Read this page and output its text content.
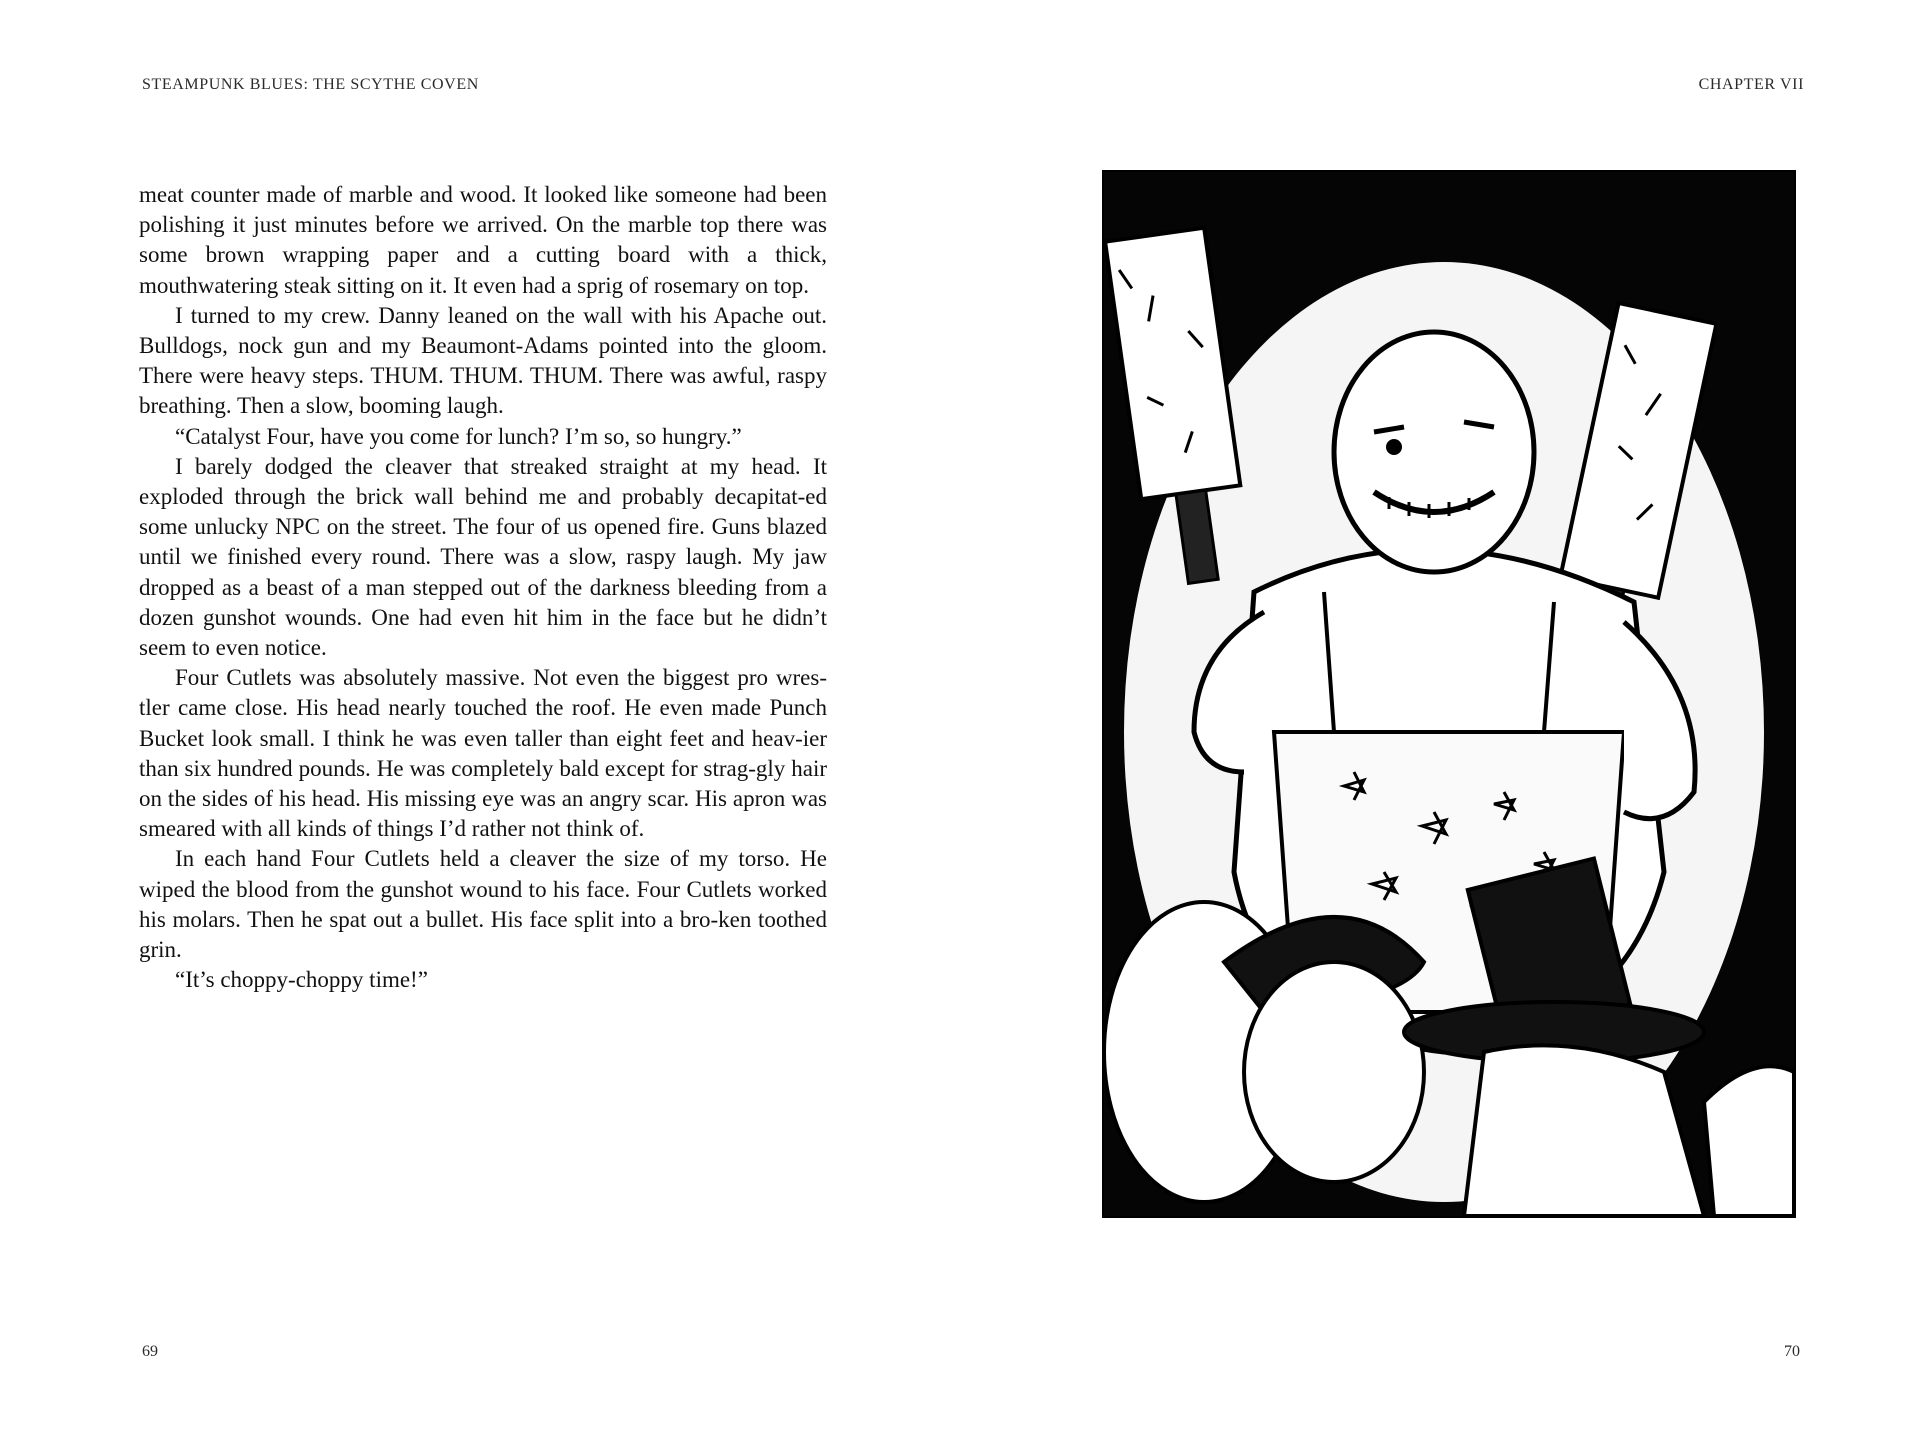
STEAMPUNK BLUES: THE SCYTHE COVEN

meat counter made of marble and wood. It looked like someone had been polishing it just minutes before we arrived. On the marble top there was some brown wrapping paper and a cutting board with a thick, mouthwatering steak sitting on it. It even had a sprig of rosemary on top.

I turned to my crew. Danny leaned on the wall with his Apache out. Bulldogs, nock gun and my Beaumont-Adams pointed into the gloom. There were heavy steps. THUM. THUM. THUM. There was awful, raspy breathing. Then a slow, booming laugh.

“Catalyst Four, have you come for lunch? I’m so, so hungry.”

I barely dodged the cleaver that streaked straight at my head. It exploded through the brick wall behind me and probably decapitat-ed some unlucky NPC on the street. The four of us opened fire. Guns blazed until we finished every round. There was a slow, raspy laugh. My jaw dropped as a beast of a man stepped out of the darkness bleeding from a dozen gunshot wounds. One had even hit him in the face but he didn’t seem to even notice.

Four Cutlets was absolutely massive. Not even the biggest pro wres-tler came close. His head nearly touched the roof. He even made Punch Bucket look small. I think he was even taller than eight feet and heav-ier than six hundred pounds. He was completely bald except for strag-gly hair on the sides of his head. His missing eye was an angry scar. His apron was smeared with all kinds of things I’d rather not think of.

In each hand Four Cutlets held a cleaver the size of my torso. He wiped the blood from the gunshot wound to his face. Four Cutlets worked his molars. Then he spat out a bullet. His face split into a bro-ken toothed grin.

“It’s choppy-choppy time!”

69
CHAPTER VII
70
